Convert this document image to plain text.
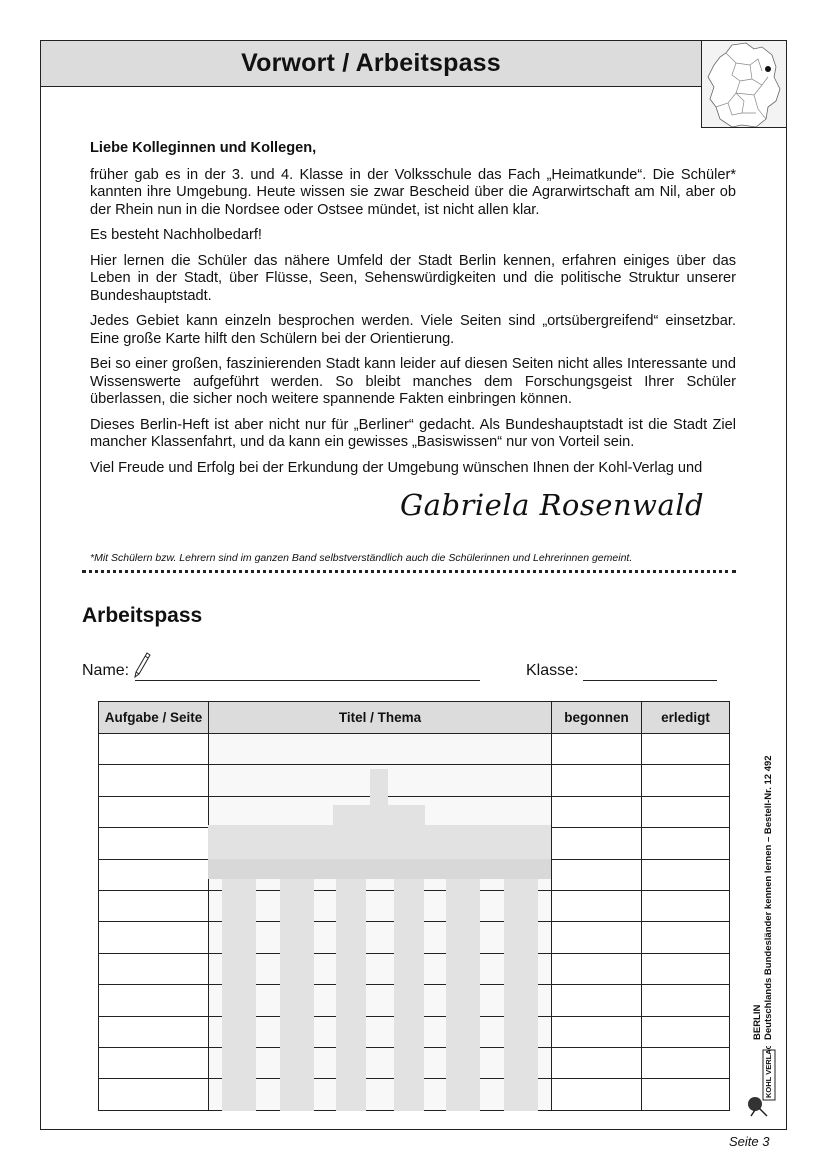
Vorwort / Arbeitspass

Liebe Kolleginnen und Kollegen,

früher gab es in der 3. und 4. Klasse in der Volksschule das Fach „Heimatkunde“. Die Schüler* kannten ihre Umgebung. Heute wissen sie zwar Bescheid über die Agrarwirtschaft am Nil, aber ob der Rhein nun in die Nordsee oder Ostsee mündet, ist nicht allen klar.

Es besteht Nachholbedarf!

Hier lernen die Schüler das nähere Umfeld der Stadt Berlin kennen, erfahren einiges über das Leben in der Stadt, über Flüsse, Seen, Sehenswürdigkeiten und die politische Struktur unserer Bundeshauptstadt.

Jedes Gebiet kann einzeln besprochen werden. Viele Seiten sind „ortsübergreifend“ einsetzbar. Eine große Karte hilft den Schülern bei der Orientierung.

Bei so einer großen, faszinierenden Stadt kann leider auf diesen Seiten nicht alles Interessante und Wissenswerte aufgeführt werden. So bleibt manches dem Forschungsgeist Ihrer Schüler überlassen, die sicher noch weitere spannende Fakten einbringen können.

Dieses Berlin-Heft ist aber nicht nur für „Berliner“ gedacht. Als Bundeshauptstadt ist die Stadt Ziel mancher Klassenfahrt, und da kann ein gewisses „Basiswissen“ nur von Vorteil sein.

Viel Freude und Erfolg bei der Erkundung der Umgebung wünschen Ihnen der Kohl-Verlag und

Gabriela Rosenwald
*Mit Schülern bzw. Lehrern sind im ganzen Band selbstverständlich auch die Schülerinnen und Lehrerinnen gemeint.
Arbeitspass
Name:	Klasse:
Aufgabe / Seite	Titel / Thema	begonnen	erledigt

BERLIN Deutschlands Bundesländer kennen lernen – Bestell-Nr. 12 492
KOHL VERLAG
Seite 3
